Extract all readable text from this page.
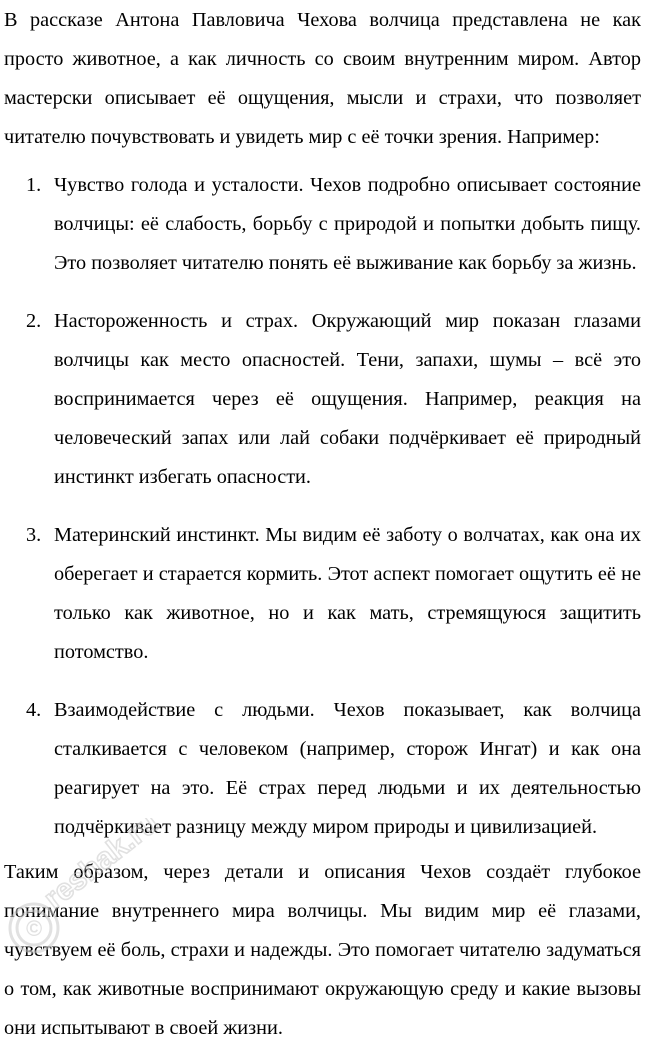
В рассказе Антона Павловича Чехова волчица представлена не как просто животное, а как личность со своим внутренним миром. Автор мастерски описывает её ощущения, мысли и страхи, что позволяет читателю почувствовать и увидеть мир с её точки зрения. Например:

1. Чувство голода и усталости. Чехов подробно описывает состояние волчицы: её слабость, борьбу с природой и попытки добыть пищу. Это позволяет читателю понять её выживание как борьбу за жизнь.
2. Настороженность и страх. Окружающий мир показан глазами волчицы как место опасностей. Тени, запахи, шумы – всё это воспринимается через её ощущения. Например, реакция на человеческий запах или лай собаки подчёркивает её природный инстинкт избегать опасности.
3. Материнский инстинкт. Мы видим её заботу о волчатах, как она их оберегает и старается кормить. Этот аспект помогает ощутить её не только как животное, но и как мать, стремящуюся защитить потомство.
4. Взаимодействие с людьми. Чехов показывает, как волчица сталкивается с человеком (например, сторож Ингат) и как она реагирует на это. Её страх перед людьми и их деятельностью подчёркивает разницу между миром природы и цивилизацией.

Таким образом, через детали и описания Чехов создаёт глубокое понимание внутреннего мира волчицы. Мы видим мир её глазами, чувствуем её боль, страхи и надежды. Это помогает читателю задуматься о том, как животные воспринимают окружающую среду и какие вызовы они испытывают в своей жизни.

©
reshak.ru
